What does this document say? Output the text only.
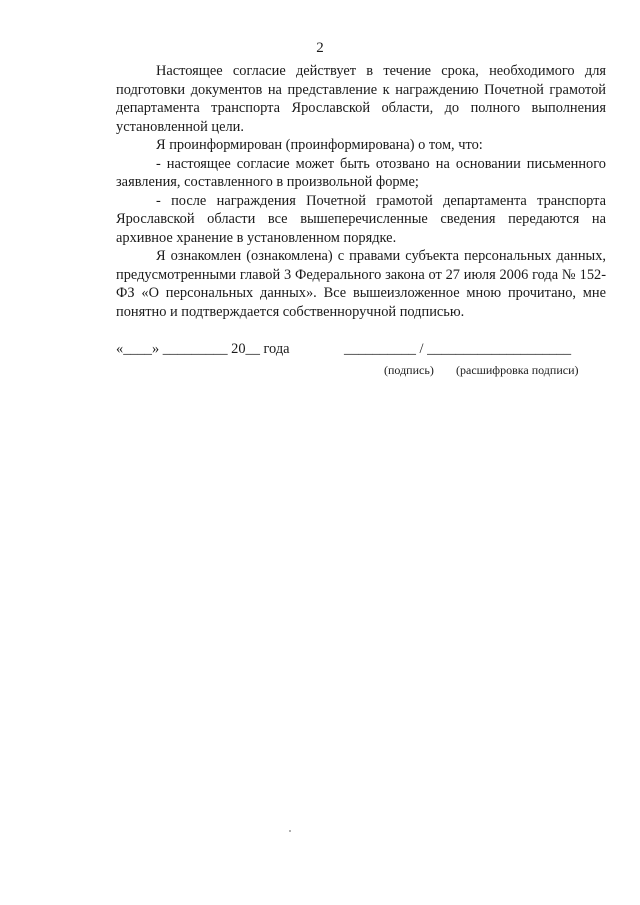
2

Настоящее согласие действует в течение срока, необходимого для подготовки документов на представление к награждению Почетной грамотой департамента транспорта Ярославской области, до полного выполнения установленной цели.

Я проинформирован (проинформирована) о том, что:

- настоящее согласие может быть отозвано на основании письменного заявления, составленного в произвольной форме;

- после награждения Почетной грамотой департамента транспорта Ярославской области все вышеперечисленные сведения передаются на архивное хранение в установленном порядке.

Я ознакомлен (ознакомлена) с правами субъекта персональных данных, предусмотренными главой 3 Федерального закона от 27 июля 2006 года № 152-ФЗ «О персональных данных». Все вышеизложенное мною прочитано, мне понятно и подтверждается собственноручной подписью.

«____» _________ 20__ года	__________ / ____________________
(подпись) (расшифровка подписи)
